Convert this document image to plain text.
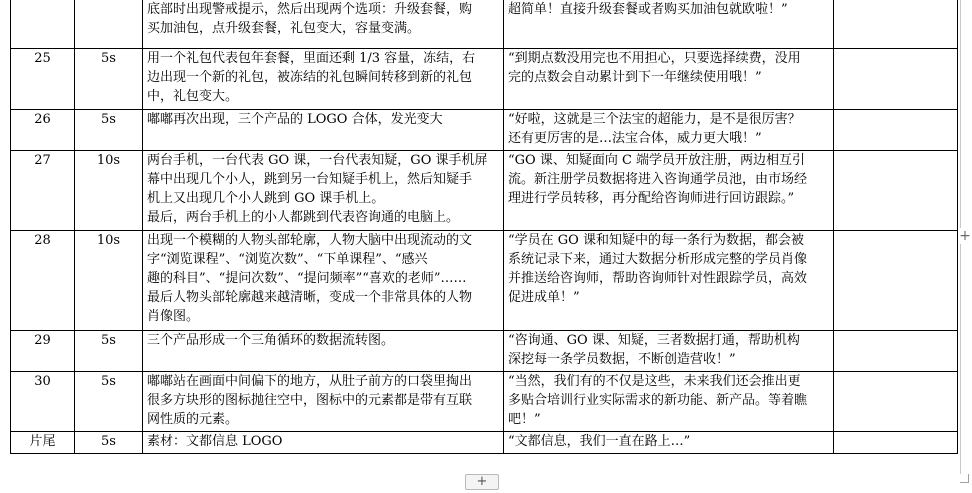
		底部时出现警戒提示，然后出现两个选项：升级套餐，购
买加油包，点升级套餐，礼包变大，容量变满。	超简单！直接升级套餐或者购买加油包就欧啦！”	

25	5s	用一个礼包代表包年套餐，里面还剩 1/3 容量，冻结，右
边出现一个新的礼包，被冻结的礼包瞬间转移到新的礼包
中，礼包变大。	“到期点数没用完也不用担心，只要选择续费，没用
完的点数会自动累计到下一年继续使用哦！”	

26	5s	嘟嘟再次出现，三个产品的 LOGO 合体，发光变大	“好啦，这就是三个法宝的超能力，是不是很厉害？
还有更厉害的是…法宝合体，威力更大哦！”	

27	10s	两台手机，一台代表 GO 课，一台代表知疑，GO 课手机屏
幕中出现几个小人，跳到另一台知疑手机上，然后知疑手
机上又出现几个小人跳到 GO 课手机上。
最后，两台手机上的小人都跳到代表咨询通的电脑上。	“GO 课、知疑面向 C 端学员开放注册，两边相互引
流。新注册学员数据将进入咨询通学员池，由市场经
理进行学员转移，再分配给咨询师进行回访跟踪。”	

28	10s	出现一个模糊的人物头部轮廓，人物大脑中出现流动的文
字“浏览课程”、“浏览次数”、“下单课程”、“感兴
趣的科目”、“提问次数”、“提问频率”“喜欢的老师”……
最后人物头部轮廓越来越清晰，变成一个非常具体的人物
肖像图。	“学员在 GO 课和知疑中的每一条行为数据，都会被
系统记录下来，通过大数据分析形成完整的学员肖像
并推送给咨询师，帮助咨询师针对性跟踪学员，高效
促进成单！”	

29	5s	三个产品形成一个三角循环的数据流转图。	“咨询通、GO 课、知疑，三者数据打通，帮助机构
深挖每一条学员数据，不断创造营收！”	

30	5s	嘟嘟站在画面中间偏下的地方，从肚子前方的口袋里掏出
很多方块形的图标抛往空中，图标中的元素都是带有互联
网性质的元素。	“当然，我们有的不仅是这些，未来我们还会推出更
多贴合培训行业实际需求的新功能、新产品。等着瞧
吧！”	

片尾	5s	素材：文都信息 LOGO	“文都信息，我们一直在路上…”	

+
+
